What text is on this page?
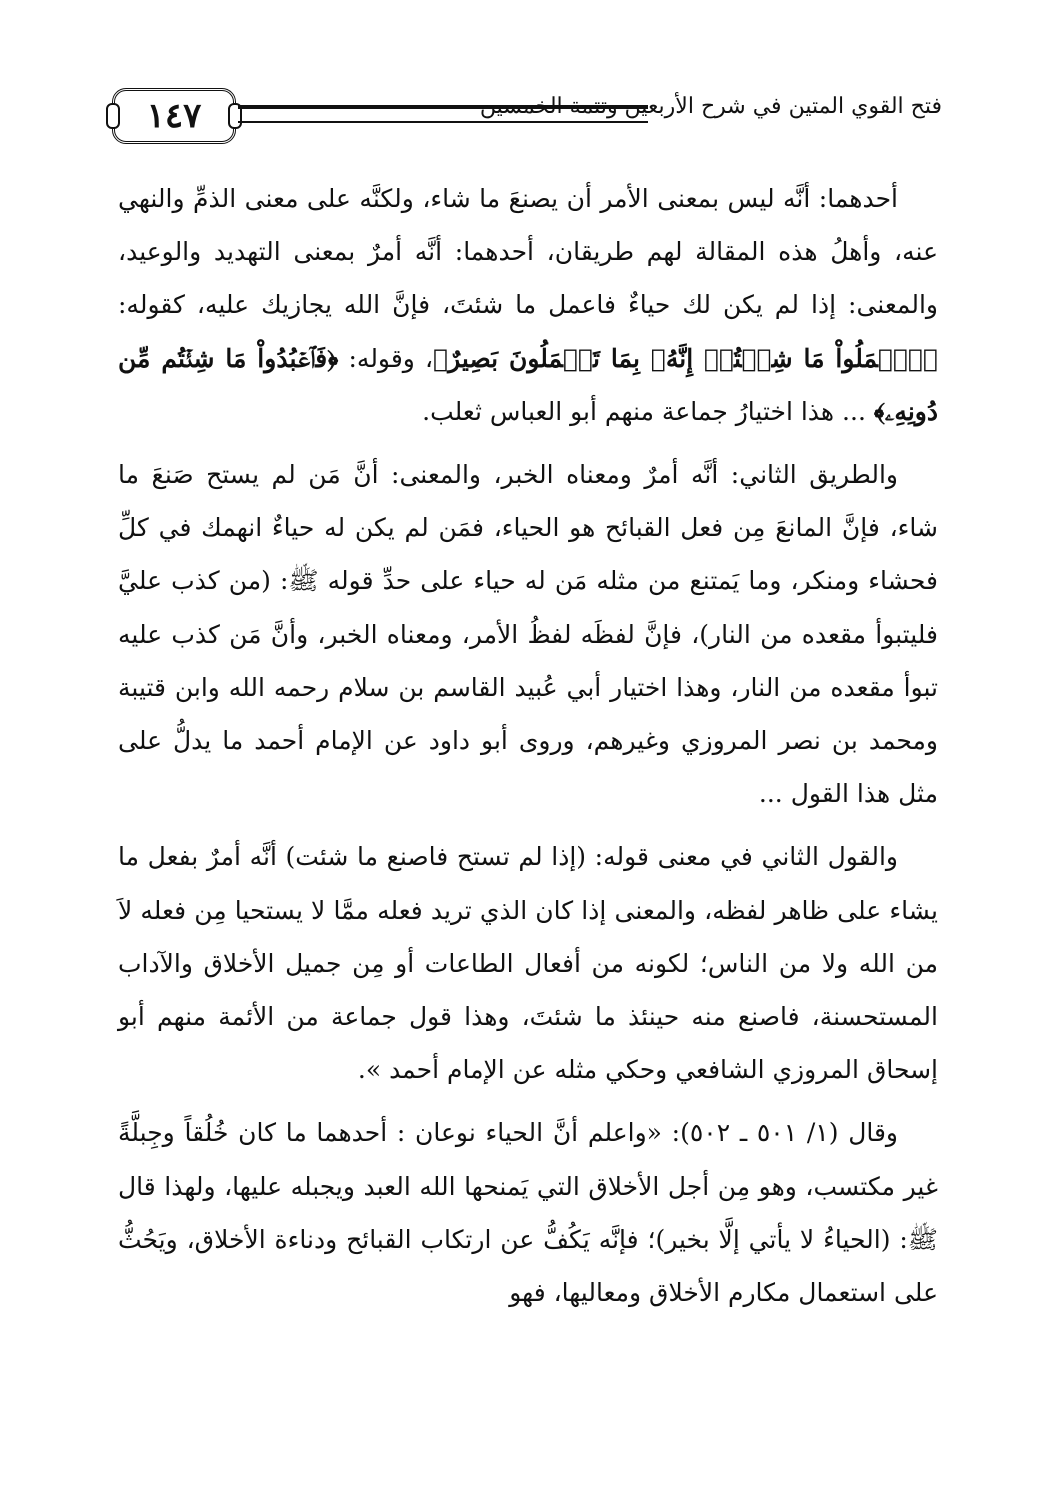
١٤٧	فتح القوي المتين في شرح الأربعين وتتمة الخمسين

أحدهما: أنَّه ليس بمعنى الأمر أن يصنعَ ما شاء، ولكنَّه على معنى الذمِّ والنهي عنه، وأهلُ هذه المقالة لهم طريقان، أحدهما: أنَّه أمرٌ بمعنى التهديد والوعيد، والمعنى: إذا لم يكن لك حياءٌ فاعمل ما شئتَ، فإنَّ الله يجازيك عليه، كقوله: ﴿ٱعۡمَلُواْ مَا شِئۡتُمۡ إِنَّهُۥ بِمَا تَعۡمَلُونَ بَصِيرٌ﴾، وقوله: ﴿فَٱعۡبُدُواْ مَا شِئۡتُم مِّن دُونِهِۦ﴾ ... هذا اختيارُ جماعة منهم أبو العباس ثعلب.

والطريق الثاني: أنَّه أمرٌ ومعناه الخبر، والمعنى: أنَّ مَن لم يستح صَنعَ ما شاء، فإنَّ المانعَ مِن فعل القبائح هو الحياء، فمَن لم يكن له حياءٌ انهمك في كلِّ فحشاء ومنكر، وما يَمتنع من مثله مَن له حياء على حدِّ قوله ﷺ: (من كذب عليَّ فليتبوأ مقعده من النار)، فإنَّ لفظَه لفظُ الأمر، ومعناه الخبر، وأنَّ مَن كذب عليه تبوأ مقعده من النار، وهذا اختيار أبي عُبيد القاسم بن سلام رحمه الله وابن قتيبة ومحمد بن نصر المروزي وغيرهم، وروى أبو داود عن الإمام أحمد ما يدلُّ على مثل هذا القول ...

والقول الثاني في معنى قوله: (إذا لم تستح فاصنع ما شئت) أنَّه أمرٌ بفعل ما يشاء على ظاهر لفظه، والمعنى إذا كان الذي تريد فعله ممَّا لا يستحيا مِن فعله لاَ من الله ولا من الناس؛ لكونه من أفعال الطاعات أو مِن جميل الأخلاق والآداب المستحسنة، فاصنع منه حينئذ ما شئتَ، وهذا قول جماعة من الأئمة منهم أبو إسحاق المروزي الشافعي وحكي مثله عن الإمام أحمد ».

وقال (١/ ٥٠١ ـ ٥٠٢): «واعلم أنَّ الحياء نوعان : أحدهما ما كان خُلُقاً وجِبلَّةً غير مكتسب، وهو مِن أجل الأخلاق التي يَمنحها الله العبد ويجبله عليها، ولهذا قال ﷺ: (الحياءُ لا يأتي إلَّا بخير)؛ فإنَّه يَكُفُّ عن ارتكاب القبائح ودناءة الأخلاق، ويَحُثُّ على استعمال مكارم الأخلاق ومعاليها، فهو
